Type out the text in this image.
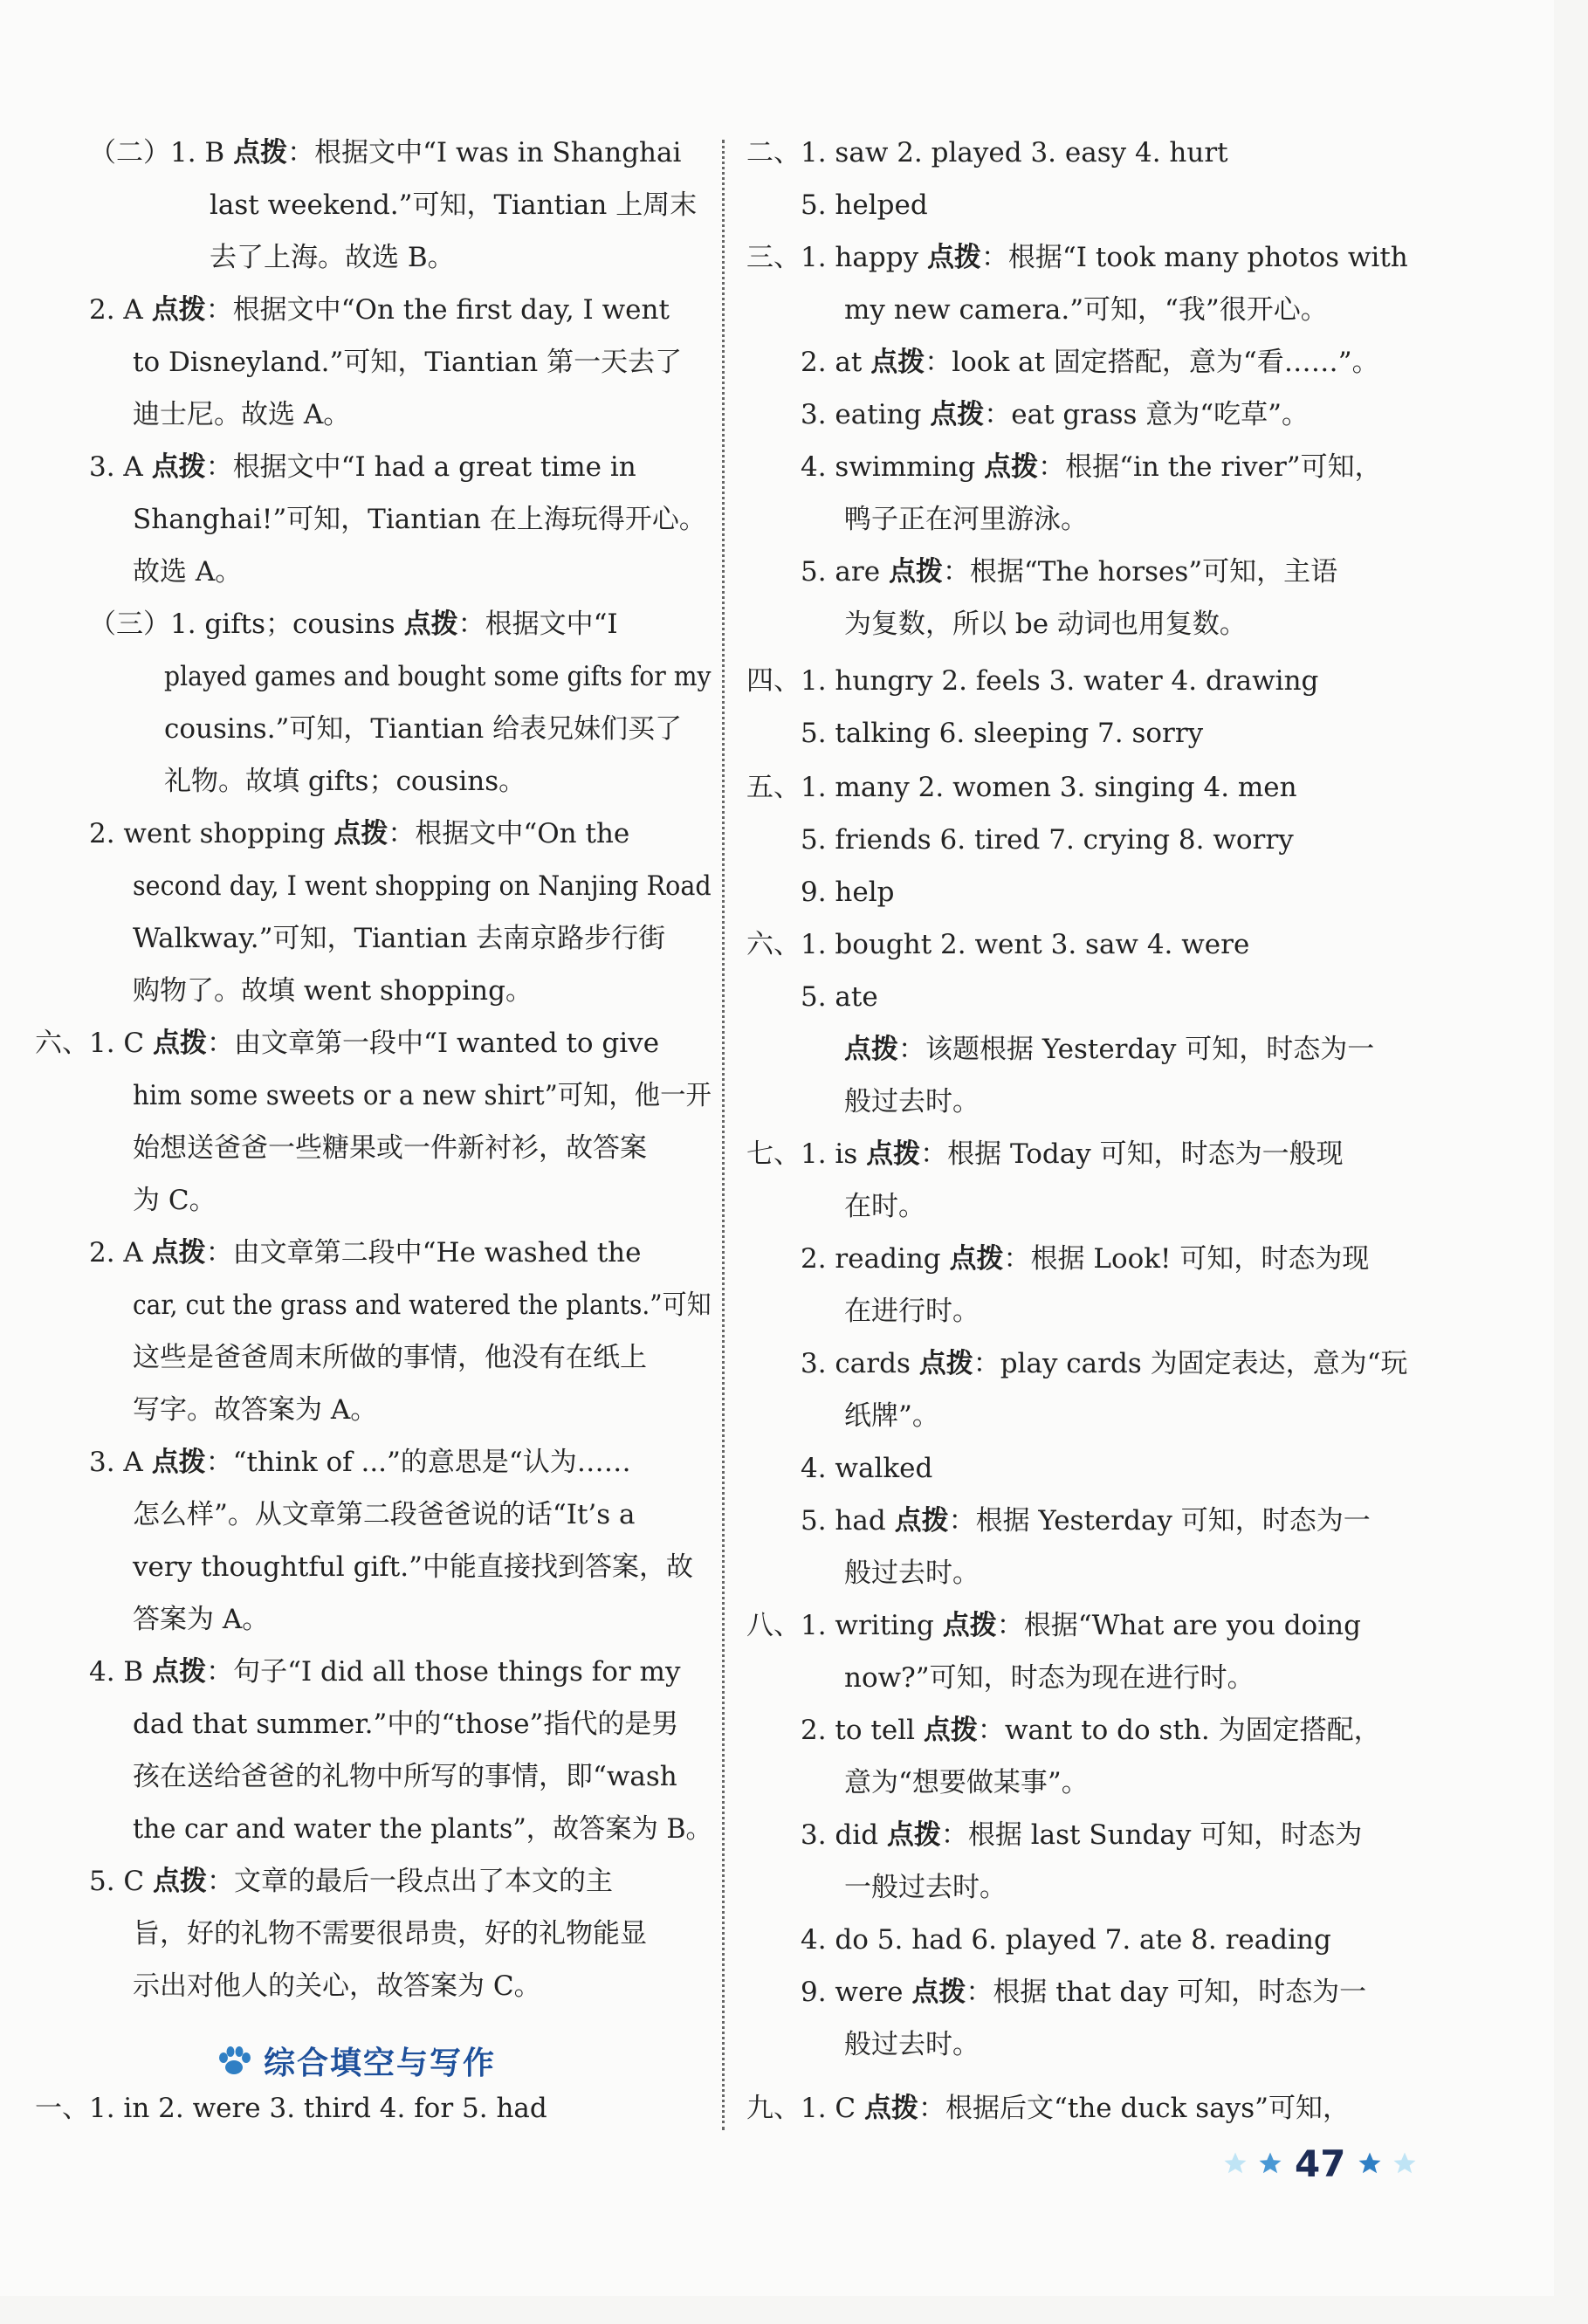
（二）1. B 点拨：根据文中“I was in Shanghai
last weekend.”可知，Tiantian 上周末
去了上海。故选 B。
2. A 点拨：根据文中“On the first day, I went
to Disneyland.”可知，Tiantian 第一天去了
迪士尼。故选 A。
3. A 点拨：根据文中“I had a great time in
Shanghai!”可知，Tiantian 在上海玩得开心。
故选 A。
（三）1. gifts；cousins 点拨：根据文中“I
played games and bought some gifts for my
cousins.”可知，Tiantian 给表兄妹们买了
礼物。故填 gifts；cousins。
2. went shopping 点拨：根据文中“On the
second day, I went shopping on Nanjing Road
Walkway.”可知，Tiantian 去南京路步行街
购物了。故填 went shopping。
六、1. C 点拨：由文章第一段中“I wanted to give
him some sweets or a new shirt”可知，他一开
始想送爸爸一些糖果或一件新衬衫，故答案
为 C。
2. A 点拨：由文章第二段中“He washed the
car, cut the grass and watered the plants.”可知
这些是爸爸周末所做的事情，他没有在纸上
写字。故答案为 A。
3. A 点拨：“think of ...”的意思是“认为……
怎么样”。从文章第二段爸爸说的话“It’s a
very thoughtful gift.”中能直接找到答案，故
答案为 A。
4. B 点拨：句子“I did all those things for my
dad that summer.”中的“those”指代的是男
孩在送给爸爸的礼物中所写的事情，即“wash
the car and water the plants”，故答案为 B。
5. C 点拨：文章的最后一段点出了本文的主
旨，好的礼物不需要很昂贵，好的礼物能显
示出对他人的关心，故答案为 C。
一、1. in 2. were 3. third 4. for 5. had
二、1. saw 2. played 3. easy 4. hurt
5. helped
三、1. happy 点拨：根据“I took many photos with
my new camera.”可知，“我”很开心。
2. at 点拨：look at 固定搭配，意为“看……”。
3. eating 点拨：eat grass 意为“吃草”。
4. swimming 点拨：根据“in the river”可知，
鸭子正在河里游泳。
5. are 点拨：根据“The horses”可知，主语
为复数，所以 be 动词也用复数。
四、1. hungry 2. feels 3. water 4. drawing
5. talking 6. sleeping 7. sorry
五、1. many 2. women 3. singing 4. men
5. friends 6. tired 7. crying 8. worry
9. help
六、1. bought 2. went 3. saw 4. were
5. ate
点拨：该题根据 Yesterday 可知，时态为一
般过去时。
七、1. is 点拨：根据 Today 可知，时态为一般现
在时。
2. reading 点拨：根据 Look! 可知，时态为现
在进行时。
3. cards 点拨：play cards 为固定表达，意为“玩
纸牌”。
4. walked
5. had 点拨：根据 Yesterday 可知，时态为一
般过去时。
八、1. writing 点拨：根据“What are you doing
now?”可知，时态为现在进行时。
2. to tell 点拨：want to do sth. 为固定搭配，
意为“想要做某事”。
3. did 点拨：根据 last Sunday 可知，时态为
一般过去时。
4. do 5. had 6. played 7. ate 8. reading
9. were 点拨：根据 that day 可知，时态为一
般过去时。
九、1. C 点拨：根据后文“the duck says”可知，
综合填空与写作
47
